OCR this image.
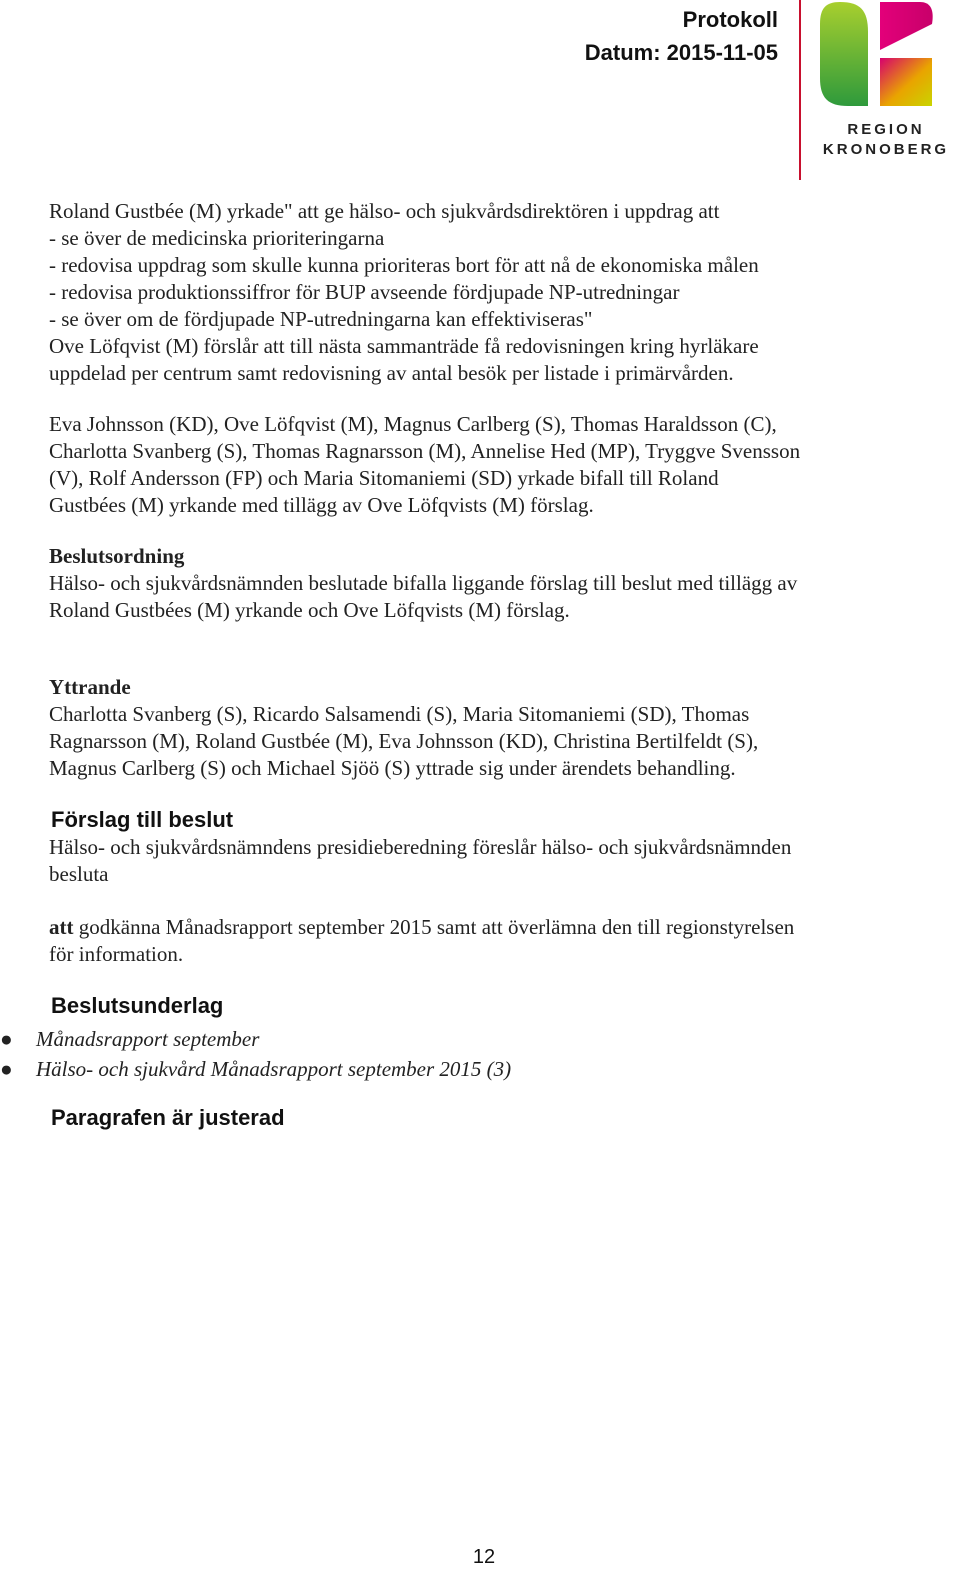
Protokoll
Datum: 2015-11-05
REGION
KRONOBERG

Roland Gustbée (M) yrkade" att ge hälso- och sjukvårdsdirektören i uppdrag att

- se över de medicinska prioriteringarna

- redovisa uppdrag som skulle kunna prioriteras bort för att nå de ekonomiska målen

- redovisa produktionssiffror för BUP avseende fördjupade NP-utredningar

- se över om de fördjupade NP-utredningarna kan effektiviseras"

Ove Löfqvist (M) förslår att till nästa sammanträde få redovisningen kring hyrläkare

uppdelad per centrum samt redovisning av antal besök per listade i primärvården.

Eva Johnsson (KD), Ove Löfqvist (M), Magnus Carlberg (S), Thomas Haraldsson (C),

Charlotta Svanberg (S), Thomas Ragnarsson (M), Annelise Hed (MP), Tryggve Svensson

(V), Rolf Andersson (FP) och Maria Sitomaniemi (SD) yrkade bifall till Roland

Gustbées (M) yrkande med tillägg av Ove Löfqvists (M) förslag.

Beslutsordning

Hälso- och sjukvårdsnämnden beslutade bifalla liggande förslag till beslut med tillägg av

Roland Gustbées (M) yrkande och Ove Löfqvists (M) förslag.

Yttrande

Charlotta Svanberg (S), Ricardo Salsamendi (S), Maria Sitomaniemi (SD), Thomas

Ragnarsson (M), Roland Gustbée (M), Eva Johnsson (KD), Christina Bertilfeldt (S),

Magnus Carlberg (S) och Michael Sjöö (S) yttrade sig under ärendets behandling.

Förslag till beslut

Hälso- och sjukvårdsnämndens presidieberedning föreslår hälso- och sjukvårdsnämnden

besluta

att godkänna Månadsrapport september 2015 samt att överlämna den till regionstyrelsen

för information.

Beslutsunderlag
● Månadsrapport september
● Hälso- och sjukvård Månadsrapport september 2015 (3)
Paragrafen är justerad
12
